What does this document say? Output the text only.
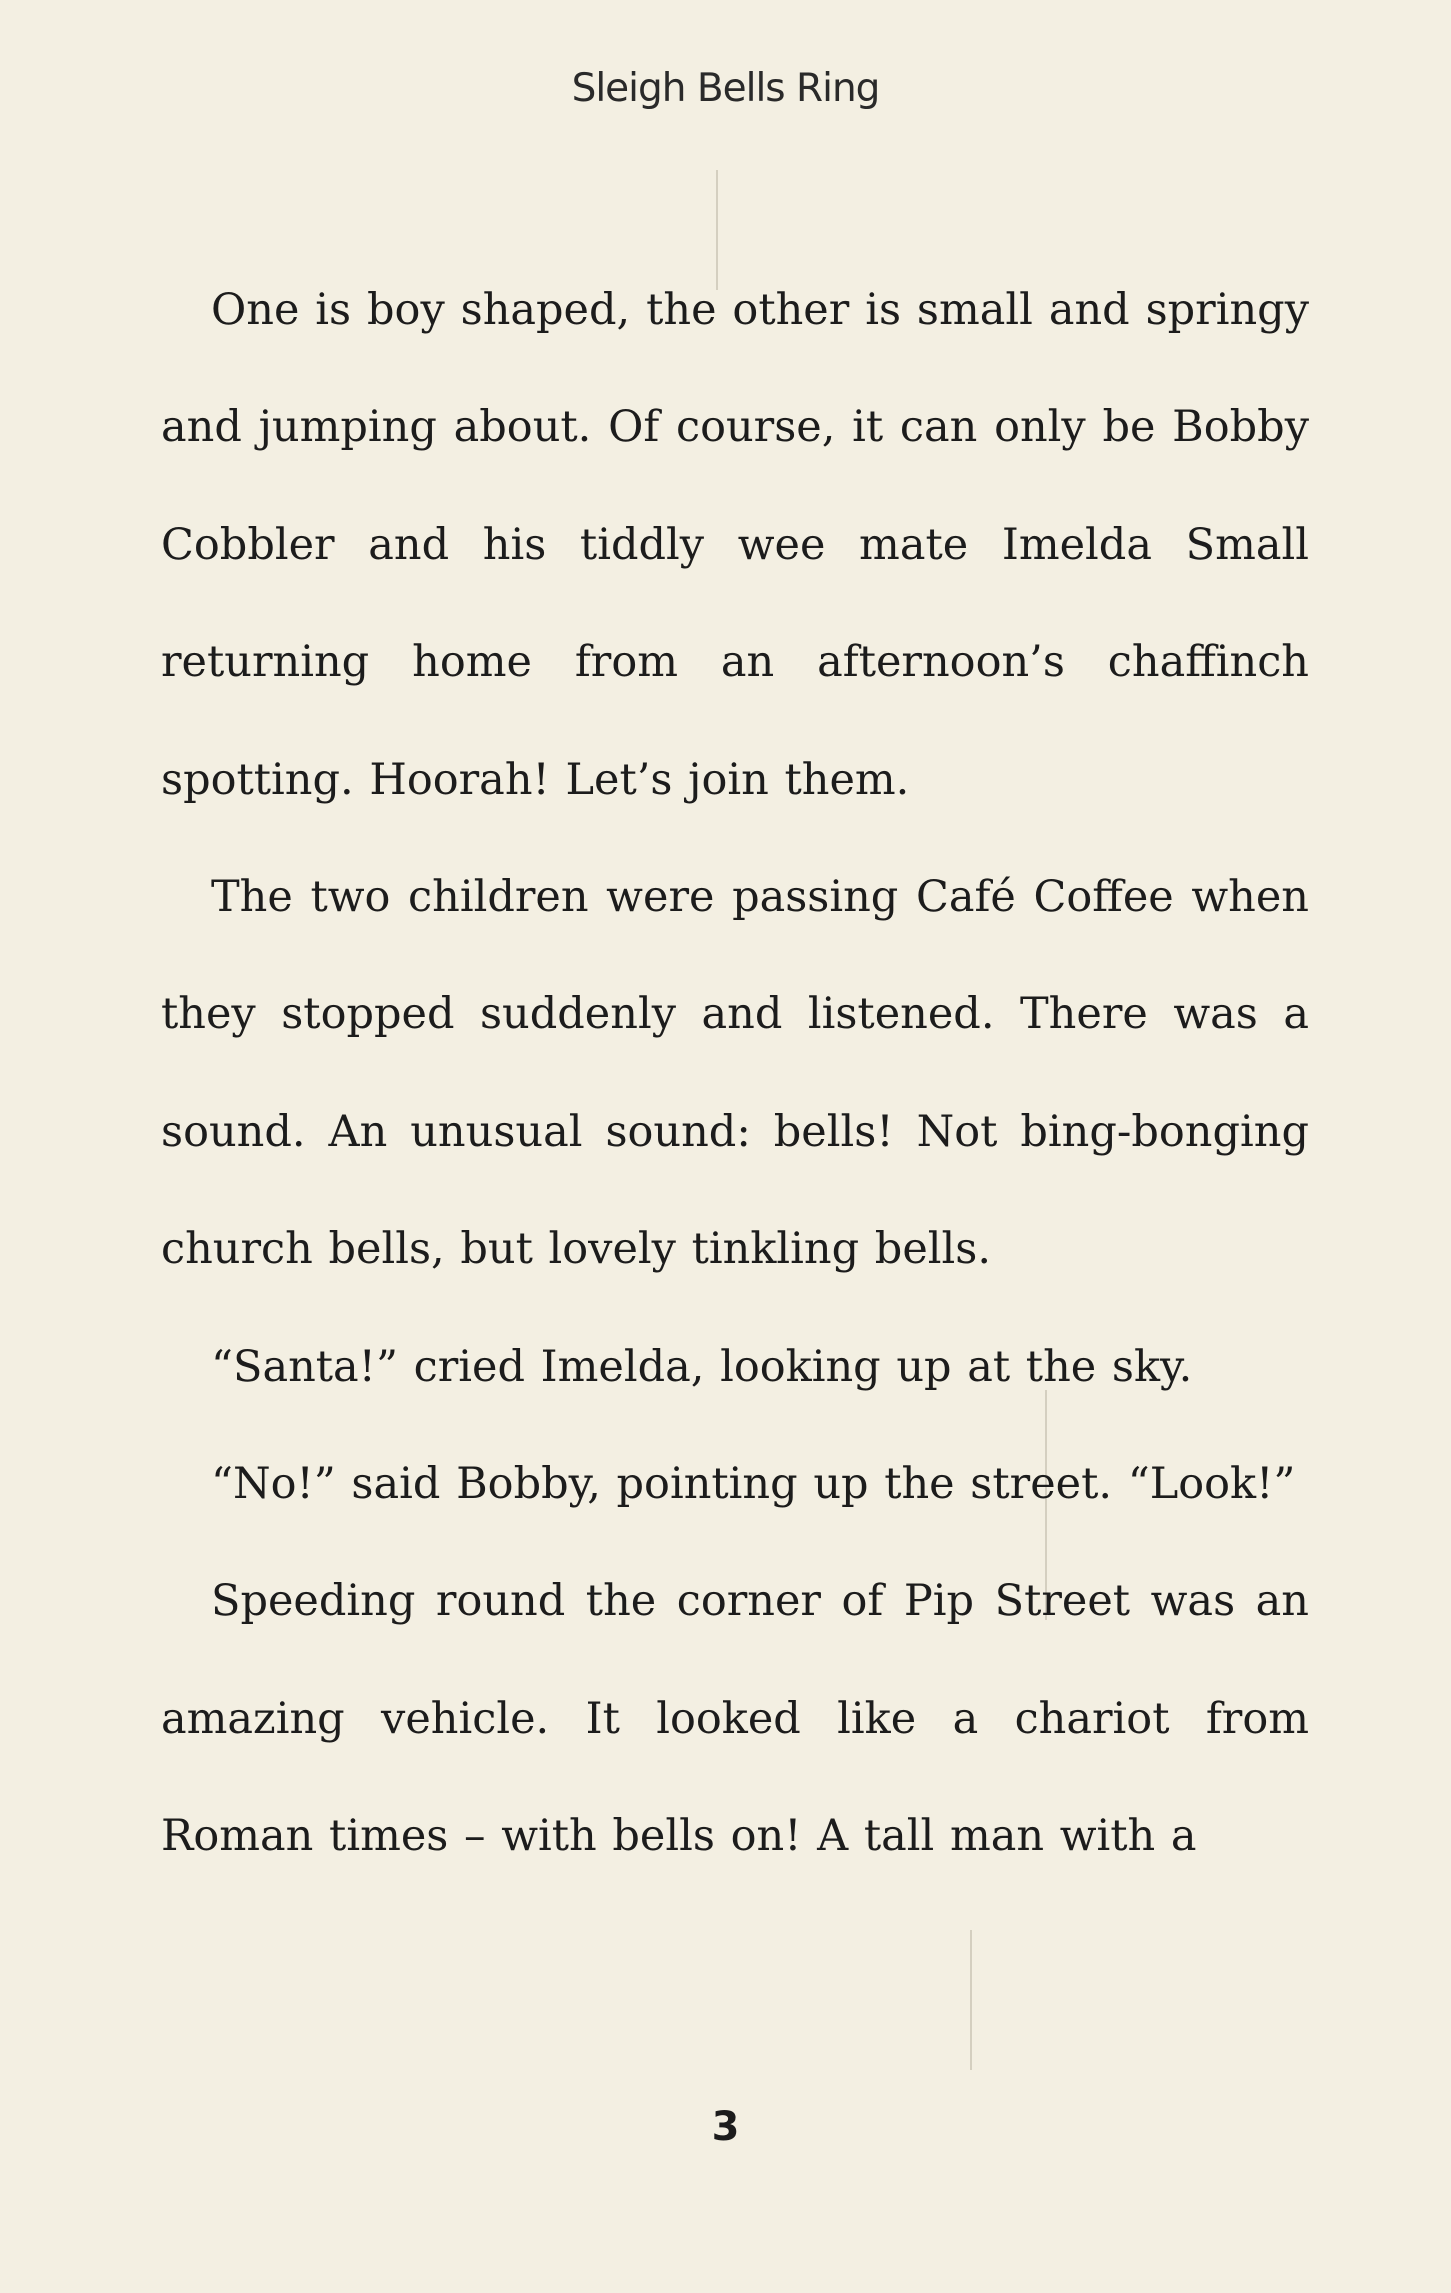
Sleigh Bells Ring

One is boy shaped, the other is small and springy and jumping about. Of course, it can only be Bobby Cobbler and his tiddly wee mate Imelda Small returning home from an afternoon’s chaffinch spotting. Hoorah! Let’s join them.

The two children were passing Café Coffee when they stopped suddenly and listened. There was a sound. An unusual sound: bells! Not bing-bonging church bells, but lovely tinkling bells.

“Santa!” cried Imelda, looking up at the sky.

“No!” said Bobby, pointing up the street. “Look!”

Speeding round the corner of Pip Street was an amazing vehicle. It looked like a chariot from Roman times – with bells on! A tall man with a

3
